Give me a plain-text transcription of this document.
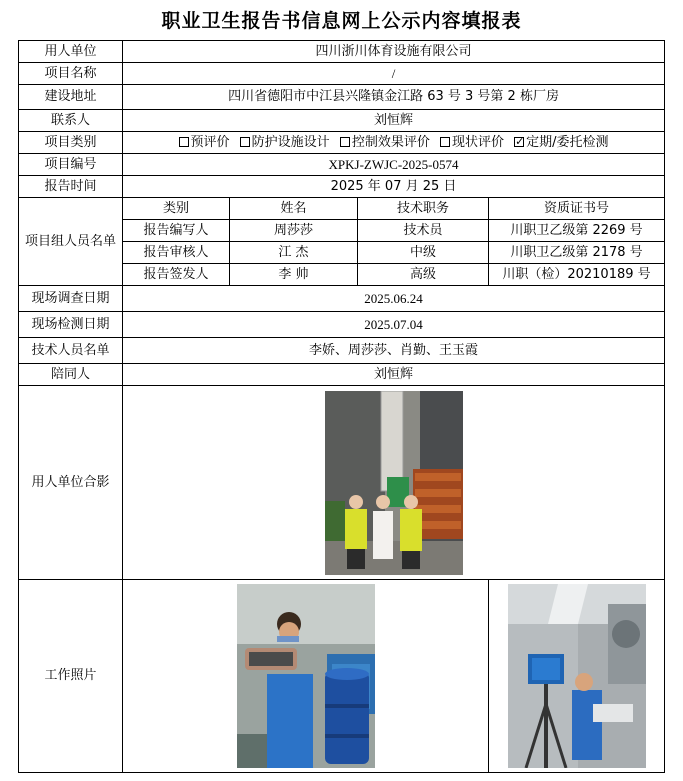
职业卫生报告书信息网上公示内容填报表
用人单位	四川浙川体育设施有限公司			
项目名称	/			
建设地址	四川省德阳市中江县兴隆镇金江路 63 号 3 号第 2 栋厂房			
联系人	刘恒辉			
项目类别	预评价 防护设施设计 控制效果评价 现状评价 ✓ 定期/委托检测
项目编号	XPKJ-ZWJC-2025-0574			
报告时间	2025 年 07 月 25 日			
项目组人员名单	类别	姓名	技术职务	资质证书号
	报告编写人	周莎莎	技术员	川职卫乙级第 2269 号
	报告审核人	江 杰	中级	川职卫乙级第 2178 号
	报告签发人	李 帅	高级	川职（检）20210189 号
现场调查日期	2025.06.24			
现场检测日期	2025.07.04			
技术人员名单	李娇、周莎莎、肖勤、王玉霞			
陪同人	刘恒辉			
用人单位合影	

工作照片	
